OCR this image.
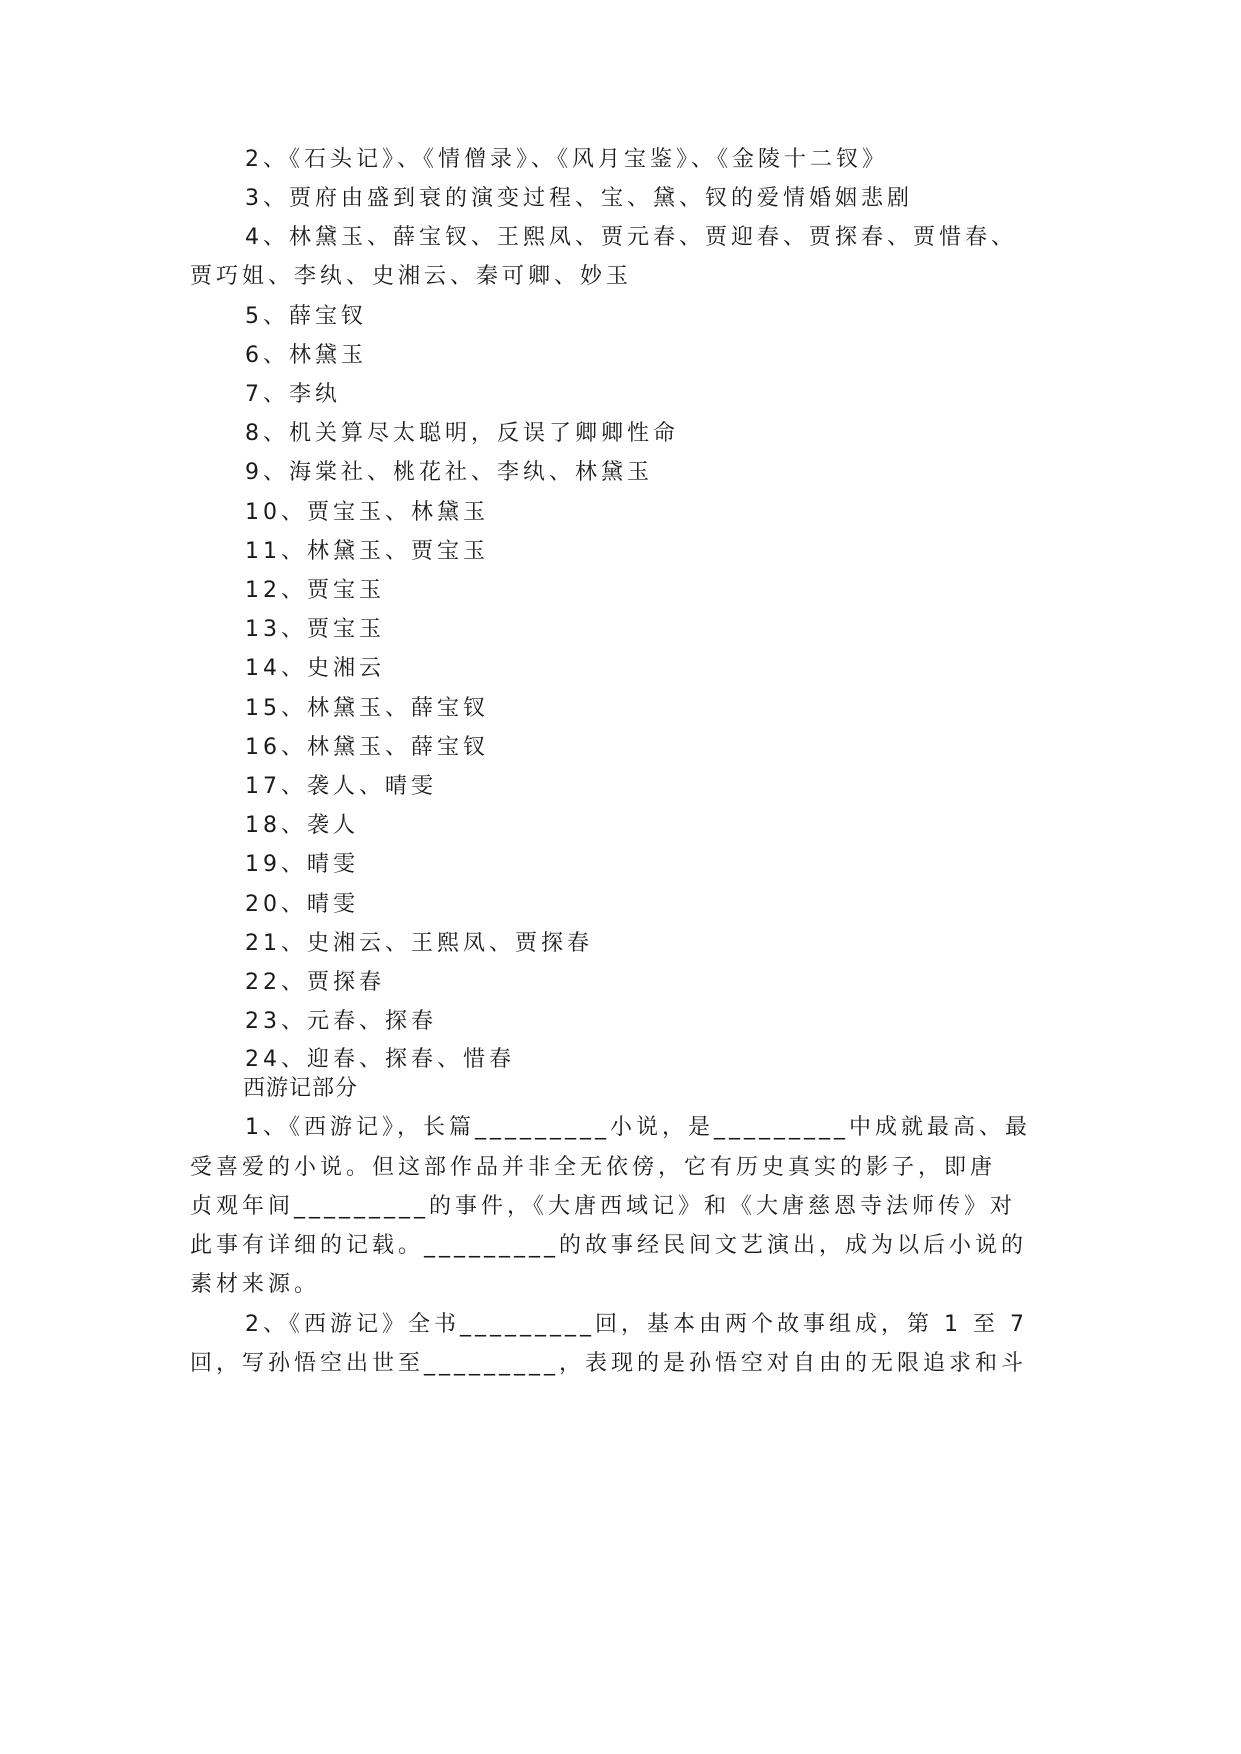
2、《石头记》、《情僧录》、《风月宝鉴》、《金陵十二钗》
3、贾府由盛到衰的演变过程、宝、黛、钗的爱情婚姻悲剧
4、林黛玉、薛宝钗、王熙凤、贾元春、贾迎春、贾探春、贾惜春、
贾巧姐、李纨、史湘云、秦可卿、妙玉
5、薛宝钗
6、林黛玉
7、李纨
8、机关算尽太聪明，反误了卿卿性命
9、海棠社、桃花社、李纨、林黛玉
10、贾宝玉、林黛玉
11、林黛玉、贾宝玉
12、贾宝玉
13、贾宝玉
14、史湘云
15、林黛玉、薛宝钗
16、林黛玉、薛宝钗
17、袭人、晴雯
18、袭人
19、晴雯
20、晴雯
21、史湘云、王熙凤、贾探春
22、贾探春
23、元春、探春
24、迎春、探春、惜春
西游记部分
1、《西游记》，长篇_________小说，是_________中成就最高、最
受喜爱的小说。但这部作品并非全无依傍，它有历史真实的影子，即唐
贞观年间_________的事件，《大唐西域记》和《大唐慈恩寺法师传》对
此事有详细的记载。_________的故事经民间文艺演出，成为以后小说的
素材来源。
2、《西游记》全书_________回，基本由两个故事组成，第 1 至 7
回，写孙悟空出世至_________，表现的是孙悟空对自由的无限追求和斗
